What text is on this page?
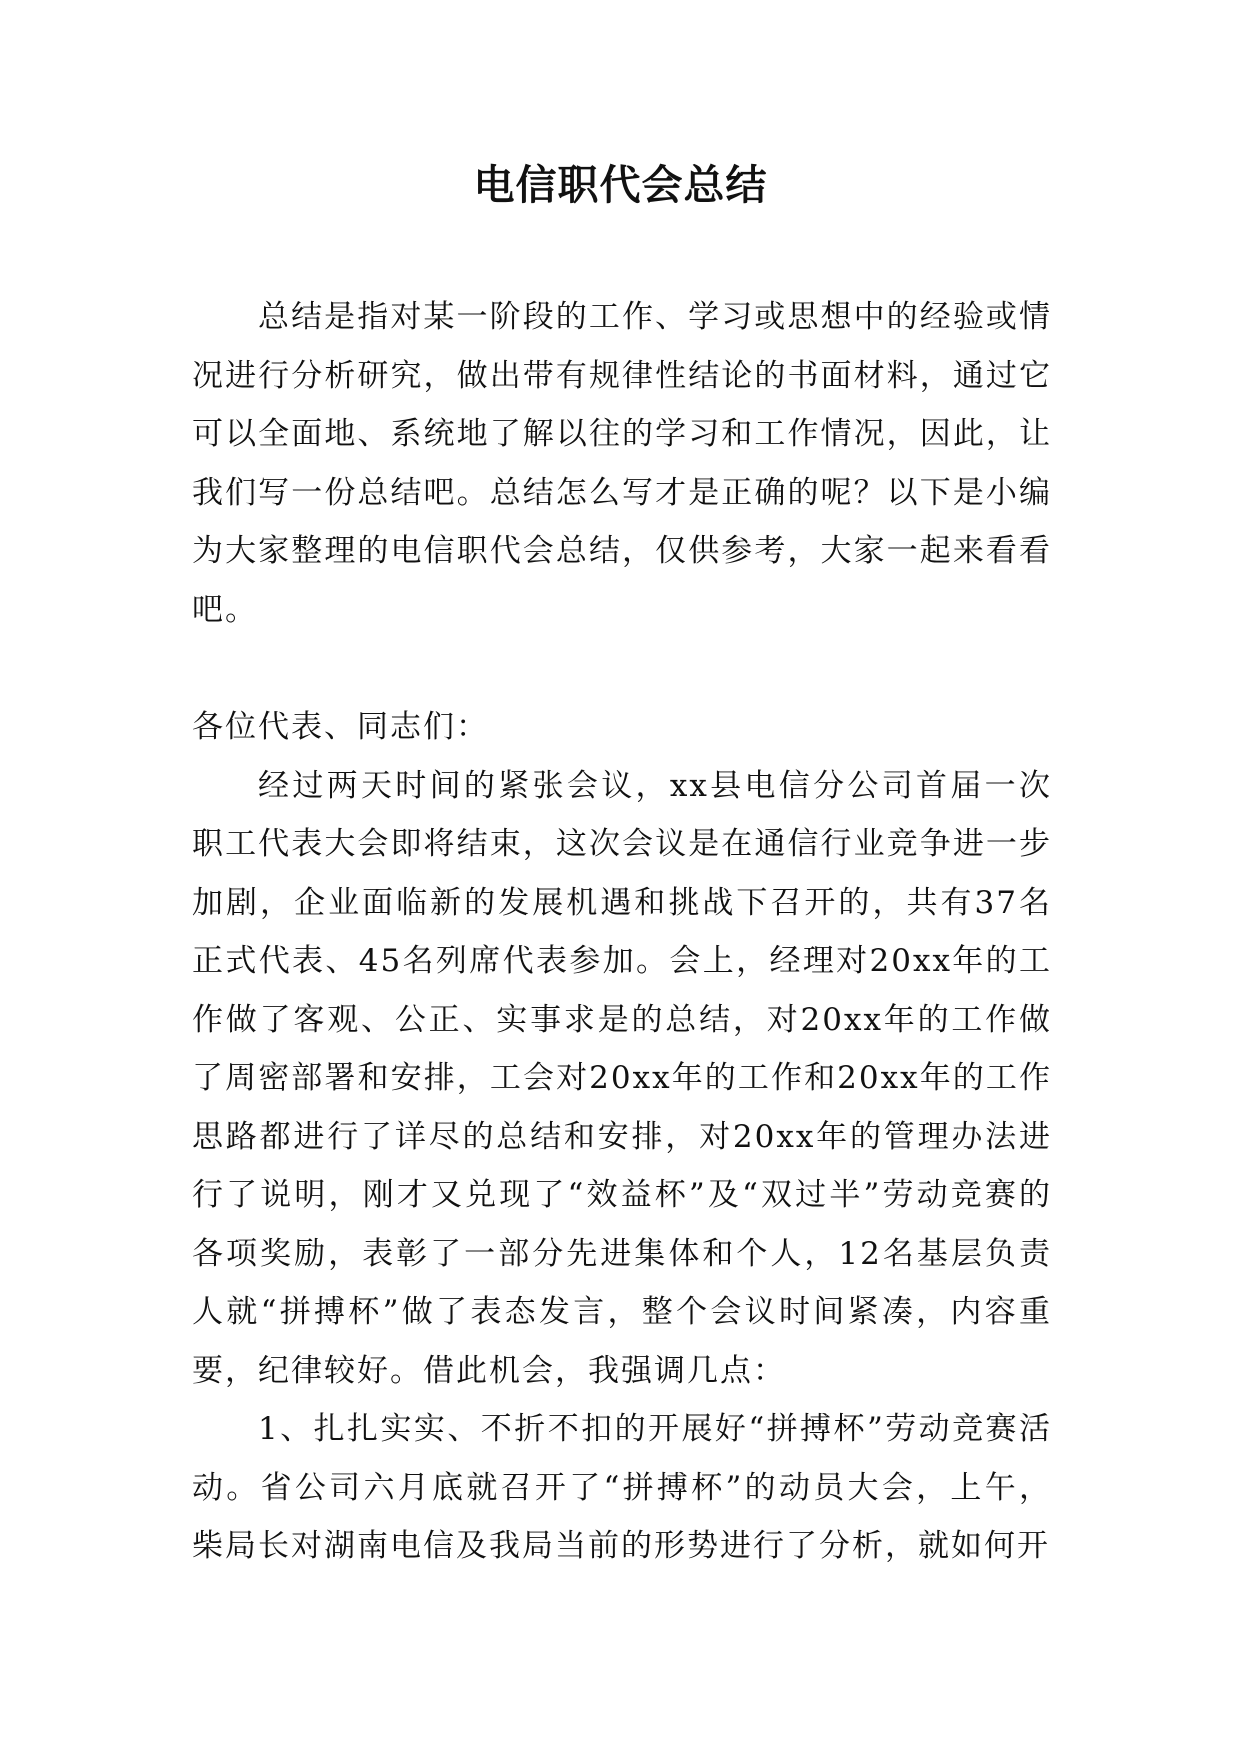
电信职代会总结

总结是指对某一阶段的工作、学习或思想中的经验或情况进行分析研究，做出带有规律性结论的书面材料，通过它可以全面地、系统地了解以往的学习和工作情况，因此，让我们写一份总结吧。总结怎么写才是正确的呢？以下是小编为大家整理的电信职代会总结，仅供参考，大家一起来看看吧。

各位代表、同志们：

经过两天时间的紧张会议，xx县电信分公司首届一次职工代表大会即将结束，这次会议是在通信行业竞争进一步加剧，企业面临新的发展机遇和挑战下召开的，共有37名正式代表、45名列席代表参加。会上，经理对20xx年的工作做了客观、公正、实事求是的总结，对20xx年的工作做了周密部署和安排，工会对20xx年的工作和20xx年的工作思路都进行了详尽的总结和安排，对20xx年的管理办法进行了说明，刚才又兑现了“效益杯”及“双过半”劳动竞赛的各项奖励，表彰了一部分先进集体和个人，12名基层负责人就“拼搏杯”做了表态发言，整个会议时间紧凑，内容重要，纪律较好。借此机会，我强调几点：

1、扎扎实实、不折不扣的开展好“拼搏杯”劳动竞赛活动。省公司六月底就召开了“拼搏杯”的动员大会，上午，柴局长对湖南电信及我局当前的形势进行了分析，就如何开
